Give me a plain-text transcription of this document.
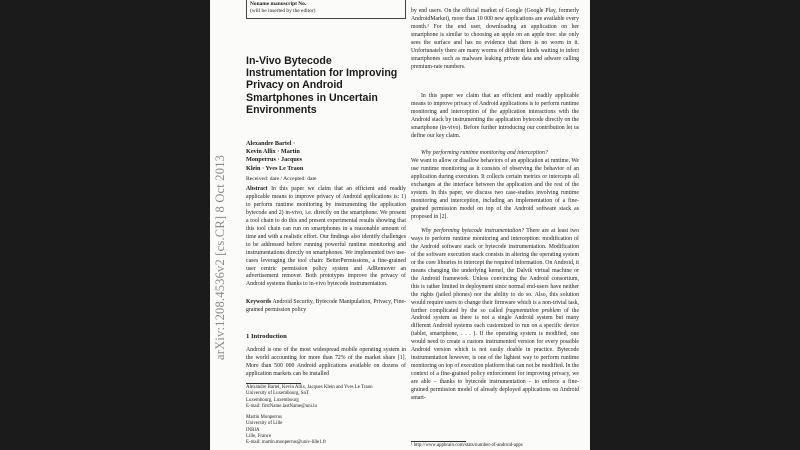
Noname manuscript No.
(will be inserted by the editor)
In-Vivo Bytecode Instrumentation for Improving Privacy on Android Smartphones in Uncertain Environments
Alexandre Bartel ·
Kevin Allix · Martin
Monperrus · Jacques
Klein · Yves Le Traon
Received: date / Accepted: date
Abstract In this paper we claim that an efficient and readily applicable means to improve privacy of Android applications is: 1) to perform runtime monitoring by instrumenting the application bytecode and 2) in-vivo, i.e. directly on the smartphone. We present a tool chain to do this and present experimental results showing that this tool chain can run on smartphones in a reasonable amount of time and with a realistic effort. Our findings also identify challenges to be addressed before running powerful runtime monitoring and instrumentations directly on smartphones. We implemented two use-cases leveraging the tool chain: BetterPermissions, a fine-grained user centric permission policy system and AdRemover an advertisement remover. Both prototypes improve the privacy of Android systems thanks to in-vivo bytecode instrumentation.
Keywords Android Security, Bytecode Manipulation, Privacy, Fine-grained permission policy
1 Introduction
Android is one of the most widespread mobile operating system in the world accounting for more than 72% of the market share [1]. More than 500 000 Android applications available on dozens of application markets can be installed
Alexandre Bartel, Kevin Allix, Jacques Klein and Yves Le Traon
University of Luxembourg, SnT
Luxembourg, Luxembourg
E-mail: firstName.lastName@uni.lu
Martin Monperrus
University of Lille
INRIA
Lille, France
E-mail: martin.monperrus@univ-lille1.fr
by end users. On the official market of Google (Google Play, formerly AndroidMarket), more than 10 000 new applications are available every month.¹ For the end user, downloading an application on her smartphone is similar to choosing an apple on an apple tree: she only sees the surface and has no evidence that there is no worm in it. Unfortunately there are many worms of different kinds waiting to infect smartphones such as malware leaking private data and adware calling premium-rate numbers.
In this paper we claim that an efficient and readily applicable means to improve privacy of Android applications is to perform runtime monitoring and interception of the application interactions with the Android stack by instrumenting the application bytecode directly on the smartphone (in-vivo). Before further introducing our contribution let us define our key claim.
Why performing runtime monitoring and interception?
We want to allow or disallow behaviors of an application at runtime. We use runtime monitoring as it consists of observing the behavior of an application during execution. It collects certain metrics or intercepts all exchanges at the interface between the application and the rest of the system. In this paper, we discuss two case-studies involving runtime monitoring and interception, including an implementation of a fine-grained permission model on top of the Android software stack as proposed in [2].
Why performing bytecode instrumentation? There are at least two ways to perform runtime monitoring and interception: modification of the Android software stack or bytecode instrumentation. Modification of the software execution stack consists in altering the operating system or the core libraries to intercept the required information. On Android, it means changing the underlying kernel, the Dalvik virtual machine or the Android framework. Unless convincing the Android consortium, this is rather limited in deployment since normal end-users have neither the rights (jailed phones) nor the ability to do so. Also, this solution would require users to change their firmware which is a non-trivial task, further complicated by the so called fragmentation problem of the Android system as there is not a single Android system but many different Android systems each customized to run on a specific device (tablet, smartphone, . . . ). If the operating system is modified, one would need to create a custom instrumented version for every possible Android version which is not easily doable in practice. Bytecode instrumentation however, is one of the lightest way to perform runtime monitoring on top of execution platform that can not be modified. In the context of a fine-grained policy enforcement for improving privacy, we are able – thanks to bytecode instrumentation – to enforce a fine-grained permission model of already deployed applications on Android smart-
¹ http://www.appbrain.com/stats/number-of-android-apps
arXiv:1208.4536v2 [cs.CR] 8 Oct 2013
